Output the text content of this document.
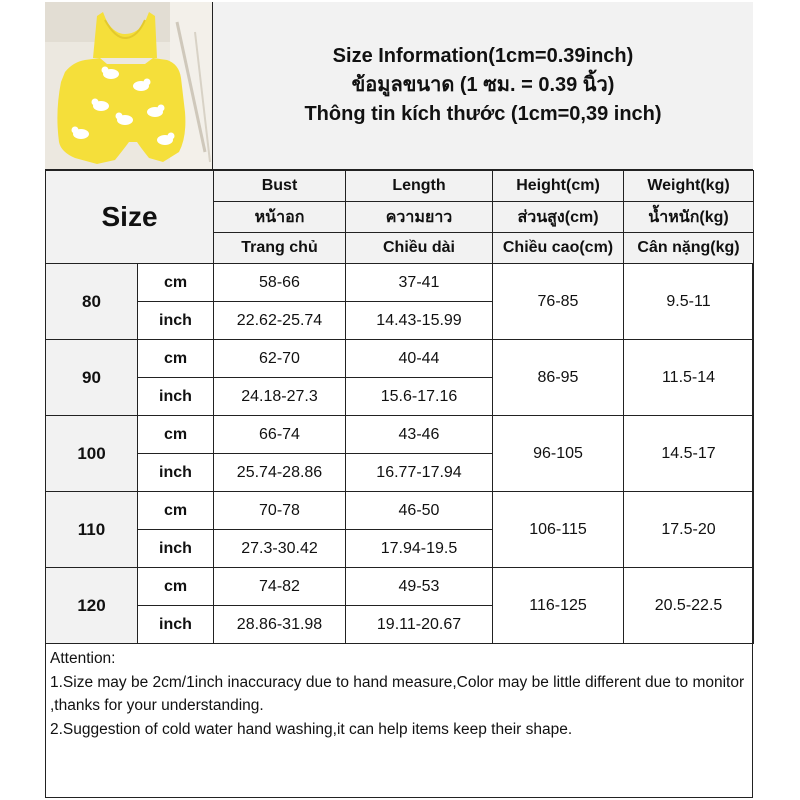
Size Information(1cm=0.39inch)
ข้อมูลขนาด (1 ซม. = 0.39 นิ้ว)
Thông tin kích thước (1cm=0,39 inch)
Size		Bust	Length	Height(cm)	Weight(kg)
		หน้าอก	ความยาว	ส่วนสูง(cm)	น้ำหนัก(kg)
		Trang chủ	Chiều dài	Chiều cao(cm)	Cân nặng(kg)
80	cm	58-66	37-41	76-85	9.5-11
	inch	22.62-25.74	14.43-15.99		
90	cm	62-70	40-44	86-95	11.5-14
	inch	24.18-27.3	15.6-17.16		
100	cm	66-74	43-46	96-105	14.5-17
	inch	25.74-28.86	16.77-17.94		
110	cm	70-78	46-50	106-115	17.5-20
	inch	27.3-30.42	17.94-19.5		
120	cm	74-82	49-53	116-125	20.5-22.5
	inch	28.86-31.98	19.11-20.67		
Attention:
1.Size may be 2cm/1inch inaccuracy due to hand measure,Color may be little different due to monitor ,thanks for your understanding.
2.Suggestion of cold water hand washing,it can help items keep their shape.
